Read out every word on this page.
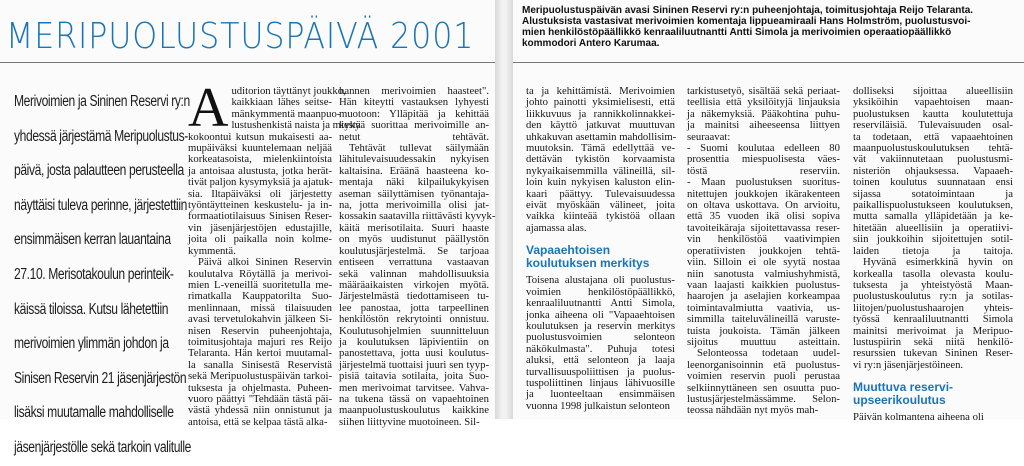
MERIPUOLUSTUSPÄIVÄ 2001
Merivoimien ja Sininen Reservi ry:n
yhdessä järjestämä Meripuolustus-
päivä, josta palautteen perusteella
näyttäisi tuleva perinne, järjestettiin
ensimmäisen kerran lauantaina
27.10. Merisotakoulun perinteik-
käissä tiloissa. Kutsu lähetettiin
merivoimien ylimmän johdon ja
Sinisen Reservin 21 jäsenjärjestön
lisäksi muutamalle mahdolliselle
jäsenjärjestölle sekä tarkoin valitulle
A uditorion täyttänyt joukko,
kaikkiaan lähes seitse-
mänkymmentä maanpuo-
lustushenkistä naista ja miestä
kokoontui kutsun mukaisesti aa-
mupäiväksi kuuntelemaan neljää
korkeatasoista, mielenkiintoista
ja antoisaa alustusta, jotka herät-
tivät paljon kysymyksiä ja ajatuk-
sia. Iltapäiväksi oli järjestetty
työntäytteinen keskustelu- ja in-
formaatiotilaisuus Sinisen Reser-
vin jäsenjärjestöjen edustajille,
joita oli paikalla noin kolme-
kymmentä.
Päivä alkoi Sininen Reservin
koulutalva Röytällä ja merivoi-
mien L-veneillä suoritetulla me-
rimatkalla Kauppatorilta Suo-
menlinnaan, missä tilaisuuden
avasi tervetulokahvin jälkeen Si-
nisen Reservin puheenjohtaja,
toimitusjohtaja majuri res Reijo
Telaranta. Hän kertoi muutamal-
la sanalla Sinisestä Reservistä
sekä Meripuolustuspäivän tarkoi-
tuksesta ja ohjelmasta. Puheen-
vuoro päättyi "Tehdään tästä päi-
västä yhdessä niin onnistunut ja
antoisa, että se kelpaa tästä alka-
hannen merivoimien haasteet".
Hän kiteytti vastauksen lyhyesti
muotoon: Ylläpitää ja kehittää
kykyä suorittaa merivoimille an-
netut tehtävät.
Tehtävät tullevat säilymään
lähitulevaisuudessakin nykyisen
kaltaisina. Eräänä haasteena ko-
mentaja näki kilpailukykyisen
aseman säilyttämisen työnantaja-
na, jotta merivoimilla olisi jat-
kossakin saatavilla riittävästi kyvyk-
käitä merisotilaita. Suuri haaste
on myös uudistunut päällystön
koulutusjärjestelmä. Se tarjoaa
entiseen verrattuna vastaavan
sekä valinnan mahdollisuuksia
määräaikaisten virkojen myötä.
Järjestelmästä tiedottamiseen tu-
lee panostaa, jotta tarpeellinen
henkilöstön rekrytointi onnistuu.
Koulutusohjelmien suunnitteluun
ja koulutuksen läpivientiin on
panostettava, jotta uusi koulutus-
järjestelmä tuottaisi juuri sen tyyp-
pisiä taitavia sotilaita, joita Suo-
men merivoimat tarvitsee. Vahva-
na tukena tässä on vapaehtoinen
maanpuolustuskoulutus kaikkine
siihen liittyvine muotoineen. Sil-
Meripuolustuspäivän avasi Sininen Reservi ry:n puheenjohtaja, toimitusjohtaja Reijo Telaranta.
Alustuksista vastasivat merivoimien komentaja lippueamiraali Hans Holmström, puolustusvoi-
mien henkilöstöpäällikkö kenraaliluutnantti Antti Simola ja merivoimien operaatiopäällikkö
kommodori Antero Karumaa.
ta ja kehittämistä. Merivoimien
johto painotti yksimielisesti, että
liikkuvuus ja rannikkolinnakkei-
den käyttö jatkuvat muuttuvan
uhkakuvan asettamin mahdollisim-
muutoksin. Tämä edellyttää ve-
dettävän tykistön korvaamista
nykyaikaisemmilla välineillä, sil-
loin kuin nykyisen kaluston elin-
kaari päättyy. Tulevaisuudessa
eivät myöskään välineet, joita
vaikka kiinteää tykistöä ollaan
ajamassa alas.
Vapaaehtoisen
koulutuksen merkitys
Toisena alustajana oli puolustus-
voimien henkilöstöpäällikkö,
kenraaliluutnantti Antti Simola,
jonka aiheena oli "Vapaaehtoisen
koulutuksen ja reservin merkitys
puolustusvoimien selonteon
näkökulmasta". Puhuja totesi
aluksi, että selonteon ja laaja
turvallisuuspoliittisen ja puolus-
tuspoliittinen linjaus lähivuosille
ja luonteeltaan ensimmäisen
vuonna 1998 julkaistun selonteon
tarkistusetyö, sisältää sekä periaat-
teellisia että yksilöityjä linjauksia
ja näkemyksiä. Pääkohtina puhu-
ja mainitsi aiheeseensa liittyen
seuraavat:
- Suomi koulutaa edelleen 80
prosenttia miespuolisesta väes-
töstä reserviin.
- Maan puolustuksen suoritus-
nitettujen joukkojen ikärakenteen
on oltava uskottava. On arvioitu,
että 35 vuoden ikä olisi sopiva
tavoiteikäraja sijoitettavassa reser-
vin henkilöstöä vaativimpien
operatiivisten joukkojen tehtä-
viin. Silloin ei ole syytä nostaa
niin sanotusta valmiushyhmistä,
vaan laajasti kaikkien puolustus-
haarojen ja aselajien korkeampaa
toimintavalmiutta vaativia, us-
simmilla taiteluvälineillä varuste-
tuista joukoista. Tämän jälkeen
sijoitus muuttuu asteittain.
Selonteossa todetaan uudel-
leenorganisoinnin etä puolustus-
voimien reservin puoli perustaa
selkiinnyttäneen sen osuutta puo-
lustusjärjestelmässämme. Selon-
teossa nähdään nyt myös mah-
dolliseksi sijoittaa alueellisiin
yksiköihin vapaehtoisen maan-
puolustuksen kautta koulutettuja
reserviläisiä. Tulevaisuuden osal-
ta todetaan, että vapaaehtoinen
maanpuolustuskoulutuksen tehtä-
vät vakiinnutetaan puolustusmi-
nisteriön ohjauksessa. Vapaaeh-
toinen koulutus suunnataan ensi
sijassa sotatoimintaan ja
paikallispuolustukseen koulutuksen,
mutta samalla ylläpidetään ja ke-
hitetään alueellisiin ja operatiivi-
siin joukkoihin sijoitettujen sotil-
laiden tietoja ja taitoja.
Hyvänä esimerkkinä hyvin on
korkealla tasolla olevasta koulu-
tuksesta ja yhteistyöstä Maan-
puolustuskoulutus ry:n ja sotilas-
liitojen/puolustushaarojen yhteis-
työssä kenraaliluutnantti Simola
mainitsi merivoimat ja Meripuo-
lustuspiirin sekä niitä henkilö-
resurssien tukevan Sininen Reser-
vi ry:n jäsenjärjestöineen.
Muuttuva reservi-
upseerikoulutus
Päivän kolmantena aiheena oli
